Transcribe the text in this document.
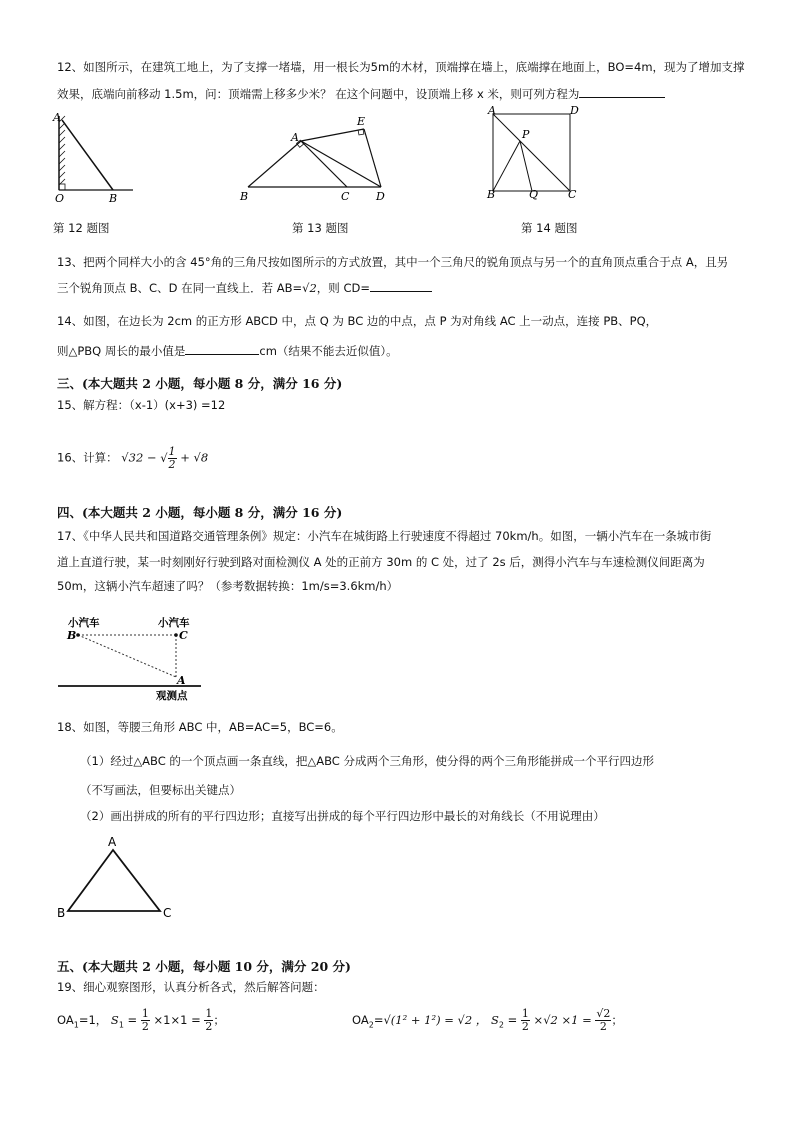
12、如图所示，在建筑工地上，为了支撑一堵墙，用一根长为5m的木材，顶端撑在墙上，底端撑在地面上，BO=4m，现为了增加支撑
效果，底端向前移动 1.5m，问：顶端需上移多少米？ 在这个问题中，设顶端上移 x 米，则可列方程为
A
O	B
第 12 题图
A
E
B	C D
第 13 题图
A	D
P
B	Q	C
第 14 题图
13、把两个同样大小的含 45°角的三角尺按如图所示的方式放置，其中一个三角尺的锐角顶点与另一个的直角顶点重合于点 A，且另
三个锐角顶点 B、C、D 在同一直线上．若 AB=√2，则 CD=
14、如图，在边长为 2cm 的正方形 ABCD 中，点 Q 为 BC 边的中点，点 P 为对角线 AC 上一动点，连接 PB、PQ，
则△PBQ 周长的最小值是	cm（结果不能去近似值）。
三、(本大题共 2 小题，每小题 8 分，满分 16 分)
15、解方程：（x-1）(x+3) =12
16、计算： √32 − √ $\frac{1}{2} + √8$
四、(本大题共 2 小题，每小题 8 分，满分 16 分)
17、《中华人民共和国道路交通管理条例》规定：小汽车在城街路上行驶速度不得超过 70km/h。如图，一辆小汽车在一条城市街
道上直道行驶，某一时刻刚好行驶到路对面检测仪 A 处的正前方 30m 的 C 处，过了 2s 后，测得小汽车与车速检测仪间距离为
50m，这辆小汽车超速了吗？（参考数据转换：1m/s=3.6km/h）
小汽车	小汽车
B	C
A
观测点
18、如图，等腰三角形 ABC 中，AB=AC=5，BC=6。
（1）经过△ABC 的一个顶点画一条直线，把△ABC 分成两个三角形，使分得的两个三角形能拼成一个平行四边形
（不写画法，但要标出关键点）
（2）画出拼成的所有的平行四边形；直接写出拼成的每个平行四边形中最长的对角线长（不用说理由）
A
B	C
五、(本大题共 2 小题，每小题 10 分，满分 20 分)
19、细心观察图形，认真分析各式，然后解答问题：
$OA_1=1$， $S_1 = \frac{1}{2} \times 1\times 1 = \frac{1}{2}$ ；	$OA_2=√(1^2 + 1^2) = √2$ ， $S_2 = \frac{1}{2} \times√2 \times 1 = \frac{√2}{2}$ ；
